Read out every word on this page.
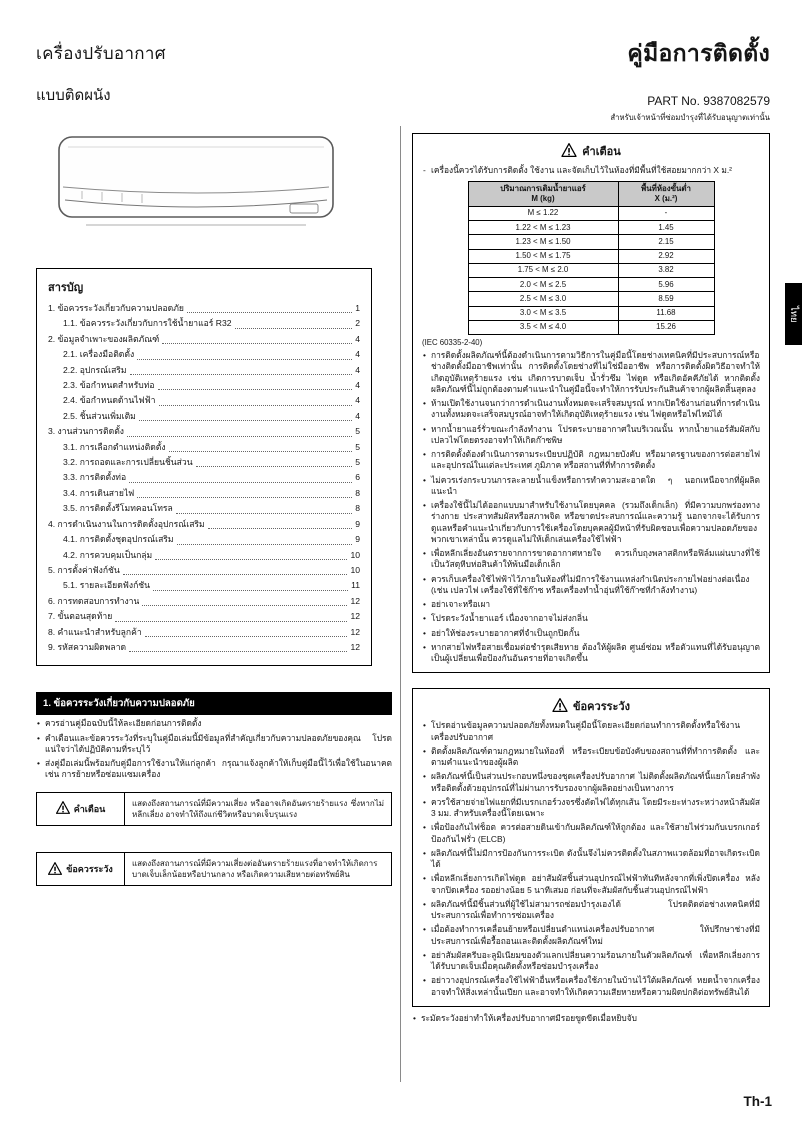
เครื่องปรับอากาศ
แบบติดผนัง
สารบัญ
1. ข้อควรระวังเกี่ยวกับความปลอดภัย	1
1.1. ข้อควรระวังเกี่ยวกับการใช้น้ำยาแอร์ R32	2
2. ข้อมูลจำเพาะของผลิตภัณฑ์	4
2.1. เครื่องมือติดตั้ง	4
2.2. อุปกรณ์เสริม	4
2.3. ข้อกำหนดสำหรับท่อ	4
2.4. ข้อกำหนดด้านไฟฟ้า	4
2.5. ชิ้นส่วนเพิ่มเติม	4
3. งานส่วนการติดตั้ง	5
3.1. การเลือกตำแหน่งติดตั้ง	5
3.2. การถอดและการเปลี่ยนชิ้นส่วน	5
3.3. การติดตั้งท่อ	6
3.4. การเดินสายไฟ	8
3.5. การติดตั้งรีโมทคอนโทรล	8
4. การดำเนินงานในการติดตั้งอุปกรณ์เสริม	9
4.1. การติดตั้งชุดอุปกรณ์เสริม	9
4.2. การควบคุมเป็นกลุ่ม	10
5. การตั้งค่าฟังก์ชัน	10
5.1. รายละเอียดฟังก์ชัน	11
6. การทดสอบการทำงาน	12
7. ขั้นตอนสุดท้าย	12
8. คำแนะนำสำหรับลูกค้า	12
9. รหัสความผิดพลาด	12
1. ข้อควรระวังเกี่ยวกับความปลอดภัย
• ควรอ่านคู่มือฉบับนี้ให้ละเอียดก่อนการติดตั้ง
• คำเตือนและข้อควรระวังที่ระบุในคู่มือเล่มนี้มีข้อมูลที่สำคัญเกี่ยวกับความปลอดภัยของคุณ โปรดแน่ใจว่าได้ปฏิบัติตามที่ระบุไว้
• ส่งคู่มือเล่มนี้พร้อมกับคู่มือการใช้งานให้แก่ลูกค้า กรุณาแจ้งลูกค้าให้เก็บคู่มือนี้ไว้เพื่อใช้ในอนาคต เช่น การย้ายหรือซ่อมแซมเครื่อง
คำเตือน
แสดงถึงสถานการณ์ที่มีความเสี่ยง หรืออาจเกิดอันตรายร้ายแรง ซึ่งหากไม่หลีกเลี่ยง อาจทำให้ถึงแก่ชีวิตหรือบาดเจ็บรุนแรง
ข้อควรระวัง
แสดงถึงสถานการณ์ที่มีความเสี่ยงต่ออันตรายร้ายแรงที่อาจทำให้เกิดการบาดเจ็บเล็กน้อยหรือปานกลาง หรือเกิดความเสียหายต่อทรัพย์สิน
คู่มือการติดตั้ง
PART No. 9387082579
สำหรับเจ้าหน้าที่ซ่อมบำรุงที่ได้รับอนุญาตเท่านั้น
คำเตือน
- เครื่องนี้ควรได้รับการติดตั้ง ใช้งาน และจัดเก็บไว้ในห้องที่มีพื้นที่ใช้สอยมากกว่า X ม.²
ปริมาณการเติมน้ำยาแอร์
M (kg)

พื้นที่ห้องขั้นต่ำ
X (ม.²)

M ≤ 1.22	-
1.22 < M ≤ 1.23	1.45
1.23 < M ≤ 1.50	2.15
1.50 < M ≤ 1.75	2.92
1.75 < M ≤ 2.0	3.82
2.0 < M ≤ 2.5	5.96
2.5 < M ≤ 3.0	8.59
3.0 < M ≤ 3.5	11.68
3.5 < M ≤ 4.0	15.26
(IEC 60335-2-40)
• การติดตั้งผลิตภัณฑ์นี้ต้องดำเนินการตามวิธีการในคู่มือนี้โดยช่างเทคนิคที่มีประสบการณ์หรือช่างติดตั้งมืออาชีพเท่านั้น การติดตั้งโดยช่างที่ไม่ใช่มืออาชีพ หรือการติดตั้งผิดวิธีอาจทำให้เกิดอุบัติเหตุร้ายแรง เช่น เกิดการบาดเจ็บ น้ำรั่วซึม ไฟดูด หรือเกิดอัคคีภัยได้ หากติดตั้งผลิตภัณฑ์นี้ไม่ถูกต้องตามคำแนะนำในคู่มือนี้จะทำให้การรับประกันสินค้าจากผู้ผลิตสิ้นสุดลง
• ห้ามเปิดใช้งานจนกว่าการดำเนินงานทั้งหมดจะเสร็จสมบูรณ์ หากเปิดใช้งานก่อนที่การดำเนินงานทั้งหมดจะเสร็จสมบูรณ์อาจทำให้เกิดอุบัติเหตุร้ายแรง เช่น ไฟดูดหรือไฟไหม้ได้
• หากน้ำยาแอร์รั่วขณะกำลังทำงาน โปรดระบายอากาศในบริเวณนั้น หากน้ำยาแอร์สัมผัสกับเปลวไฟโดยตรงอาจทำให้เกิดก๊าซพิษ
• การติดตั้งต้องดำเนินการตามระเบียบปฏิบัติ กฎหมายบังคับ หรือมาตรฐานของการต่อสายไฟและอุปกรณ์ในแต่ละประเทศ ภูมิภาค หรือสถานที่ที่ทำการติดตั้ง
• ไม่ควรเร่งกระบวนการละลายน้ำแข็งหรือการทำความสะอาดใด ๆ นอกเหนือจากที่ผู้ผลิตแนะนำ
• เครื่องใช้นี้ไม่ได้ออกแบบมาสำหรับใช้งานโดยบุคคล (รวมถึงเด็กเล็ก) ที่มีความบกพร่องทางร่างกาย ประสาทสัมผัสหรือสภาพจิต หรือขาดประสบการณ์และความรู้ นอกจากจะได้รับการดูแลหรือคำแนะนำเกี่ยวกับการใช้เครื่องโดยบุคคลผู้มีหน้าที่รับผิดชอบเพื่อความปลอดภัยของพวกเขาเหล่านั้น ควรดูแลไม่ให้เด็กเล่นเครื่องใช้ไฟฟ้า
• เพื่อหลีกเลี่ยงอันตรายจากการขาดอากาศหายใจ ควรเก็บถุงพลาสติกหรือฟิล์มแผ่นบางที่ใช้เป็นวัสดุหีบห่อสินค้าให้พ้นมือเด็กเล็ก
• ควรเก็บเครื่องใช้ไฟฟ้าไว้ภายในห้องที่ไม่มีการใช้งานแหล่งกำเนิดประกายไฟอย่างต่อเนื่อง (เช่น เปลวไฟ เครื่องใช้ที่ใช้ก๊าซ หรือเครื่องทำน้ำอุ่นที่ใช้ก๊าซที่กำลังทำงาน)
• อย่าเจาะหรือเผา
• โปรดระวังน้ำยาแอร์ เนื่องจากอาจไม่ส่งกลิ่น
• อย่าให้ช่องระบายอากาศที่จำเป็นถูกปิดกั้น
• หากสายไฟหรือสายเชื่อมต่อชำรุดเสียหาย ต้องให้ผู้ผลิต ศูนย์ซ่อม หรือตัวแทนที่ได้รับอนุญาตเป็นผู้เปลี่ยนเพื่อป้องกันอันตรายที่อาจเกิดขึ้น
ข้อควรระวัง
• โปรดอ่านข้อมูลความปลอดภัยทั้งหมดในคู่มือนี้โดยละเอียดก่อนทำการติดตั้งหรือใช้งานเครื่องปรับอากาศ
• ติดตั้งผลิตภัณฑ์ตามกฎหมายในท้องที่ หรือระเบียบข้อบังคับของสถานที่ที่ทำการติดตั้ง และตามคำแนะนำของผู้ผลิต
• ผลิตภัณฑ์นี้เป็นส่วนประกอบหนึ่งของชุดเครื่องปรับอากาศ ไม่ติดตั้งผลิตภัณฑ์นี้แยกโดยลำพังหรือติดตั้งด้วยอุปกรณ์ที่ไม่ผ่านการรับรองจากผู้ผลิตอย่างเป็นทางการ
• ควรใช้สายจ่ายไฟแยกที่มีเบรกเกอร์วงจรซึ่งตัดไฟได้ทุกเส้น โดยมีระยะห่างระหว่างหน้าสัมผัส 3 มม. สำหรับเครื่องนี้โดยเฉพาะ
• เพื่อป้องกันไฟช็อต ควรต่อสายดินเข้ากับผลิตภัณฑ์ให้ถูกต้อง และใช้สายไฟร่วมกับเบรกเกอร์ป้องกันไฟรั่ว (ELCB)
• ผลิตภัณฑ์นี้ไม่มีการป้องกันการระเบิด ดังนั้นจึงไม่ควรติดตั้งในสภาพแวดล้อมที่อาจเกิดระเบิดได้
• เพื่อหลีกเลี่ยงการเกิดไฟดูด อย่าสัมผัสชิ้นส่วนอุปกรณ์ไฟฟ้าทันทีหลังจากที่เพิ่งปิดเครื่อง หลังจากปิดเครื่อง รออย่างน้อย 5 นาทีเสมอ ก่อนที่จะสัมผัสกับชิ้นส่วนอุปกรณ์ไฟฟ้า
• ผลิตภัณฑ์นี้มีชิ้นส่วนที่ผู้ใช้ไม่สามารถซ่อมบำรุงเองได้ โปรดติดต่อช่างเทคนิคที่มีประสบการณ์เพื่อทำการซ่อมเครื่อง
• เมื่อต้องทำการเคลื่อนย้ายหรือเปลี่ยนตำแหน่งเครื่องปรับอากาศ ให้ปรึกษาช่างที่มีประสบการณ์เพื่อรื้อถอนและติดตั้งผลิตภัณฑ์ใหม่
• อย่าสัมผัสครีบอะลูมิเนียมของตัวแลกเปลี่ยนความร้อนภายในตัวผลิตภัณฑ์ เพื่อหลีกเลี่ยงการได้รับบาดเจ็บเมื่อคุณติดตั้งหรือซ่อมบำรุงเครื่อง
• อย่าวางอุปกรณ์เครื่องใช้ไฟฟ้าอื่นหรือเครื่องใช้ภายในบ้านไว้ใต้ผลิตภัณฑ์ หยดน้ำจากเครื่องอาจทำให้สิ่งเหล่านั้นเปียก และอาจทำให้เกิดความเสียหายหรือความผิดปกติต่อทรัพย์สินได้
• ระมัดระวังอย่าทำให้เครื่องปรับอากาศมีรอยขูดขีดเมื่อหยิบจับ
ไทย
Th-1
